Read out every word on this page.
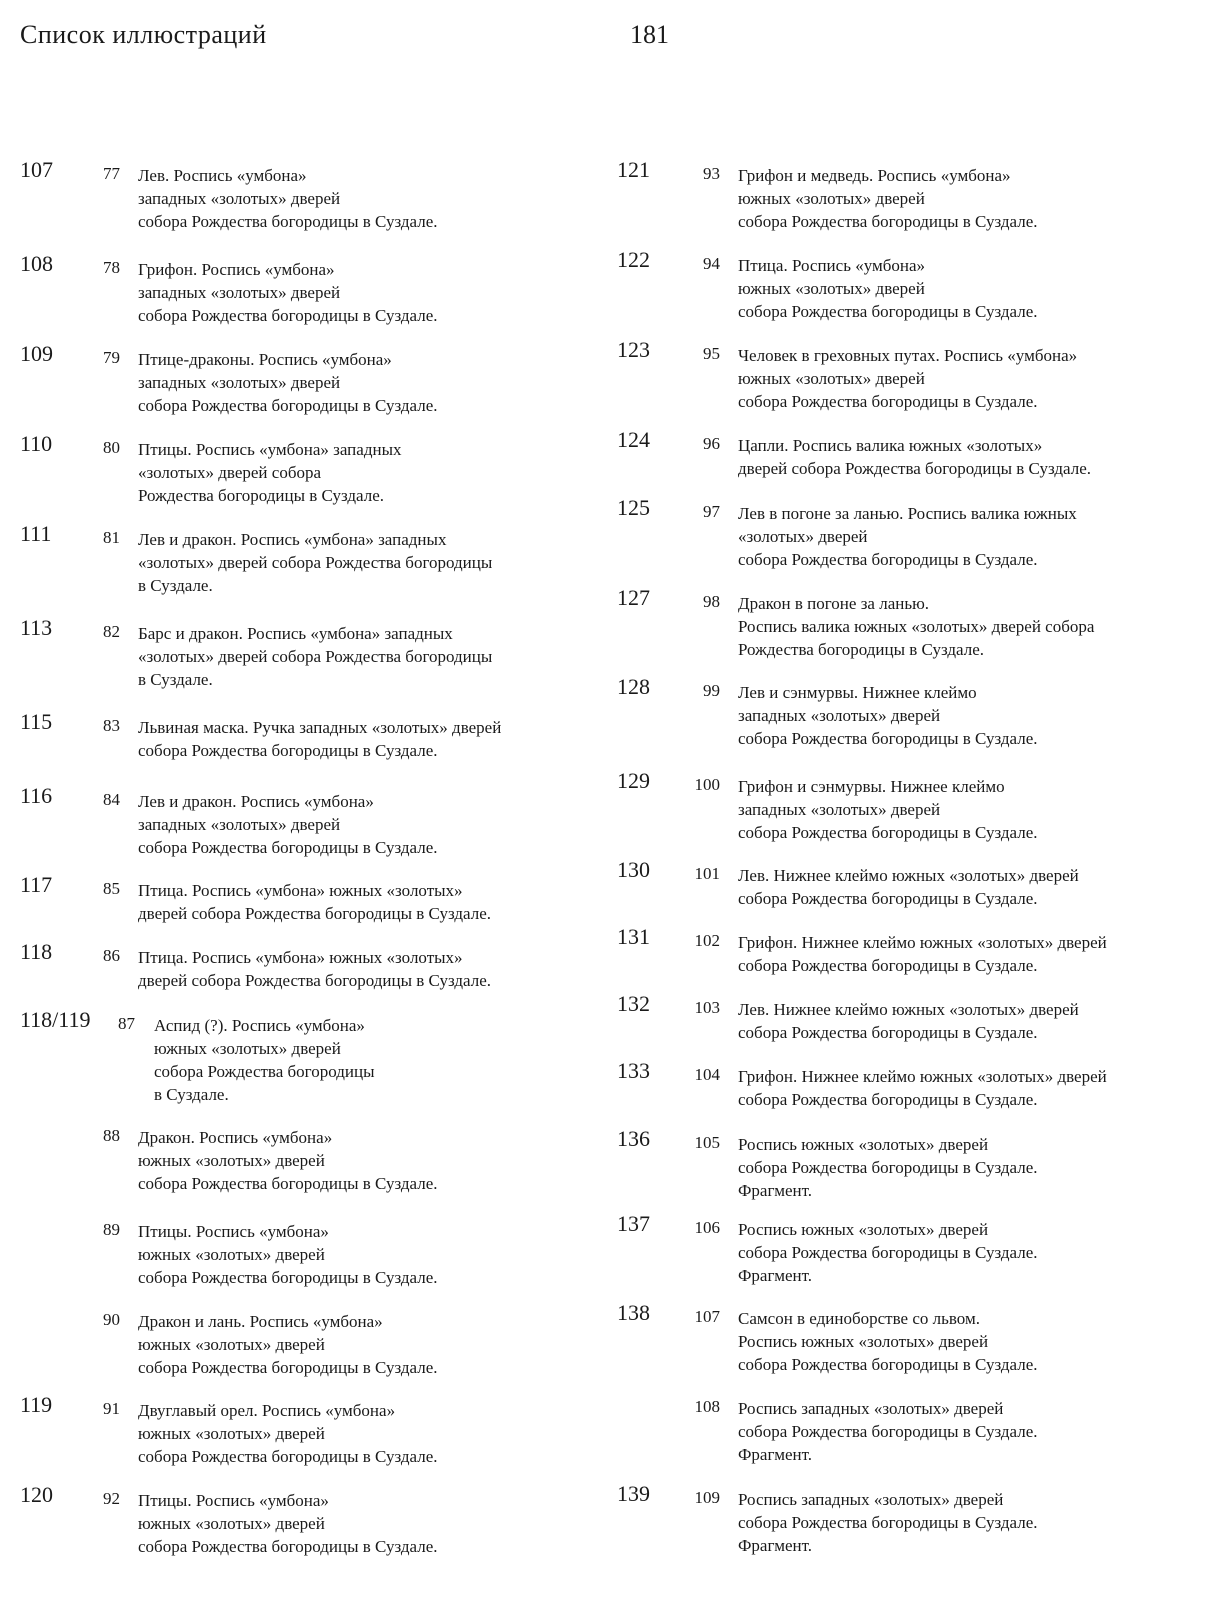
Список иллюстраций	181
107	77 Лев. Роспись «умбона»
западных «золотых» дверей
собора Рождества богородицы в Суздале.
108	78 Грифон. Роспись «умбона»
западных «золотых» дверей
собора Рождества богородицы в Суздале.
109	79 Птице-драконы. Роспись «умбона»
западных «золотых» дверей
собора Рождества богородицы в Суздале.
110	80 Птицы. Роспись «умбона» западных
«золотых» дверей собора
Рождества богородицы в Суздале.
111	81 Лев и дракон. Роспись «умбона» западных
«золотых» дверей собора Рождества богородицы
в Суздале.
113	82 Барс и дракон. Роспись «умбона» западных
«золотых» дверей собора Рождества богородицы
в Суздале.
115	83 Львиная маска. Ручка западных «золотых» дверей
собора Рождества богородицы в Суздале.
116	84 Лев и дракон. Роспись «умбона»
западных «золотых» дверей
собора Рождества богородицы в Суздале.
117	85 Птица. Роспись «умбона» южных «золотых»
дверей собора Рождества богородицы в Суздале.
118	86 Птица. Роспись «умбона» южных «золотых»
дверей собора Рождества богородицы в Суздале.
118/119	87 Аспид (?). Роспись «умбона»
южных «золотых» дверей
собора Рождества богородицы
в Суздале.
88 Дракон. Роспись «умбона»
южных «золотых» дверей
собора Рождества богородицы в Суздале.
89 Птицы. Роспись «умбона»
южных «золотых» дверей
собора Рождества богородицы в Суздале.
90 Дракон и лань. Роспись «умбона»
южных «золотых» дверей
собора Рождества богородицы в Суздале.
119	91 Двуглавый орел. Роспись «умбона»
южных «золотых» дверей
собора Рождества богородицы в Суздале.
120	92 Птицы. Роспись «умбона»
южных «золотых» дверей
собора Рождества богородицы в Суздале.
121	93 Грифон и медведь. Роспись «умбона»
южных «золотых» дверей
собора Рождества богородицы в Суздале.
122	94 Птица. Роспись «умбона»
южных «золотых» дверей
собора Рождества богородицы в Суздале.
123	95 Человек в греховных путах. Роспись «умбона»
южных «золотых» дверей
собора Рождества богородицы в Суздале.
124	96 Цапли. Роспись валика южных «золотых»
дверей собора Рождества богородицы в Суздале.
125	97 Лев в погоне за ланью. Роспись валика южных
«золотых» дверей
собора Рождества богородицы в Суздале.
127	98 Дракон в погоне за ланью.
Роспись валика южных «золотых» дверей собора
Рождества богородицы в Суздале.
128	99 Лев и сэнмурвы. Нижнее клеймо
западных «золотых» дверей
собора Рождества богородицы в Суздале.
129	100 Грифон и сэнмурвы. Нижнее клеймо
западных «золотых» дверей
собора Рождества богородицы в Суздале.
130	101 Лев. Нижнее клеймо южных «золотых» дверей
собора Рождества богородицы в Суздале.
131	102 Грифон. Нижнее клеймо южных «золотых» дверей
собора Рождества богородицы в Суздале.
132	103 Лев. Нижнее клеймо южных «золотых» дверей
собора Рождества богородицы в Суздале.
133	104 Грифон. Нижнее клеймо южных «золотых» дверей
собора Рождества богородицы в Суздале.
136	105 Роспись южных «золотых» дверей
собора Рождества богородицы в Суздале.
Фрагмент.
137	106 Роспись южных «золотых» дверей
собора Рождества богородицы в Суздале.
Фрагмент.
138	107 Самсон в единоборстве со львом.
Роспись южных «золотых» дверей
собора Рождества богородицы в Суздале.
108 Роспись западных «золотых» дверей
собора Рождества богородицы в Суздале.
Фрагмент.
139	109 Роспись западных «золотых» дверей
собора Рождества богородицы в Суздале.
Фрагмент.
